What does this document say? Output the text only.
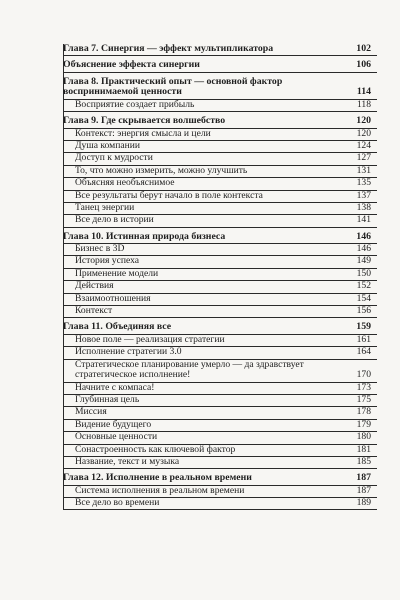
Глава 7. Синергия — эффект мультипликатора	102
Объяснение эффекта синергии	106
Глава 8. Практический опыт — основной фактор воспринимаемой ценности	114
Восприятие создает прибыль	118
Глава 9. Где скрывается волшебство	120
Контекст: энергия смысла и цели	120
Душа компании	124
Доступ к мудрости	127
То, что можно измерить, можно улучшить	131
Объясняя необъяснимое	135
Все результаты берут начало в поле контекста	137
Танец энергии	138
Все дело в истории	141
Глава 10. Истинная природа бизнеса	146
Бизнес в 3D	146
История успеха	149
Применение модели	150
Действия	152
Взаимоотношения	154
Контекст	156
Глава 11. Объединяя все	159
Новое поле — реализация стратегии	161
Исполнение стратегии 3.0	164
Стратегическое планирование умерло — да здравствует стратегическое исполнение!	170
Начните с компаса!	173
Глубинная цель	175
Миссия	178
Видение будущего	179
Основные ценности	180
Сонастроенность как ключевой фактор	181
Название, текст и музыка	185
Глава 12. Исполнение в реальном времени	187
Система исполнения в реальном времени	187
Все дело во времени	189
